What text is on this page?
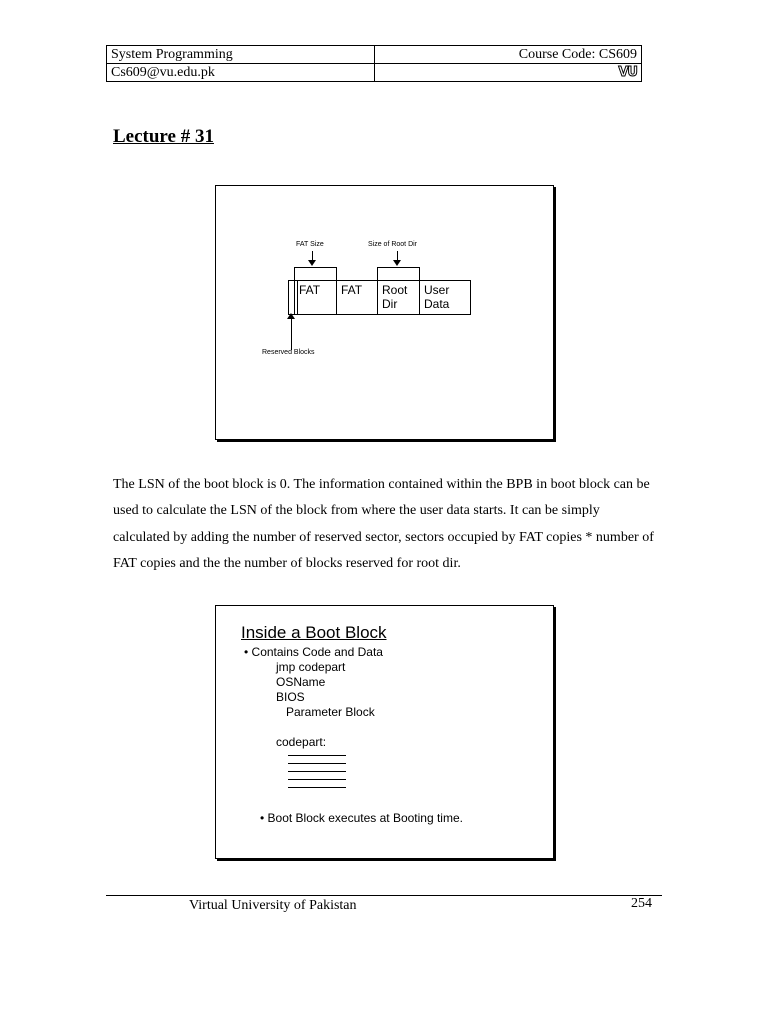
System Programming	Course Code: CS609
Cs609@vu.edu.pk	VU
Lecture # 31
FAT Size	Size of Root Dir
FAT	FAT	Root
Dir
User
Data
Reserved Blocks
The LSN of the boot block is 0. The information contained within the BPB in boot block can be used to calculate the LSN of the block from where the user data starts. It can be simply calculated by adding the number of reserved sector, sectors occupied by FAT copies * number of FAT copies and the the number of blocks reserved for root dir.
Inside a Boot Block
• Contains Code and Data
jmp codepart
OSName
BIOS
Parameter Block
codepart:
• Boot Block executes at Booting time.
Virtual University of Pakistan	254
